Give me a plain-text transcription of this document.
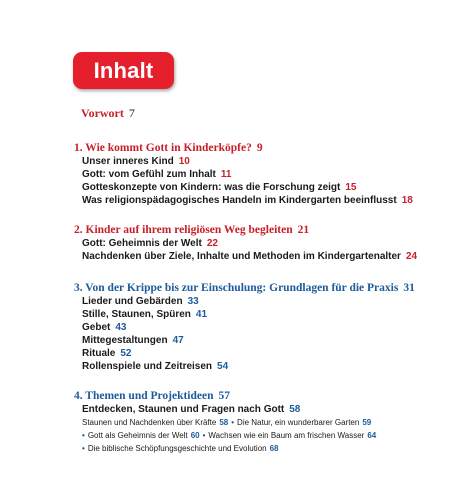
Inhalt
Vorwort 7
1. Wie kommt Gott in Kinderköpfe? 9
Unser inneres Kind 10
Gott: vom Gefühl zum Inhalt 11
Gotteskonzepte von Kindern: was die Forschung zeigt 15
Was religionspädagogisches Handeln im Kindergarten beeinflusst 18
2. Kinder auf ihrem religiösen Weg begleiten 21
Gott: Geheimnis der Welt 22
Nachdenken über Ziele, Inhalte und Methoden im Kindergartenalter 24
3. Von der Krippe bis zur Einschulung: Grundlagen für die Praxis 31
Lieder und Gebärden 33
Stille, Staunen, Spüren 41
Gebet 43
Mittegestaltungen 47
Rituale 52
Rollenspiele und Zeitreisen 54
4. Themen und Projektideen 57
Entdecken, Staunen und Fragen nach Gott 58
Staunen und Nachdenken über Kräfte 58 • Die Natur, ein wunderbarer Garten 59
• Gott als Geheimnis der Welt 60 • Wachsen wie ein Baum am frischen Wasser 64
• Die biblische Schöpfungsgeschichte und Evolution 68
